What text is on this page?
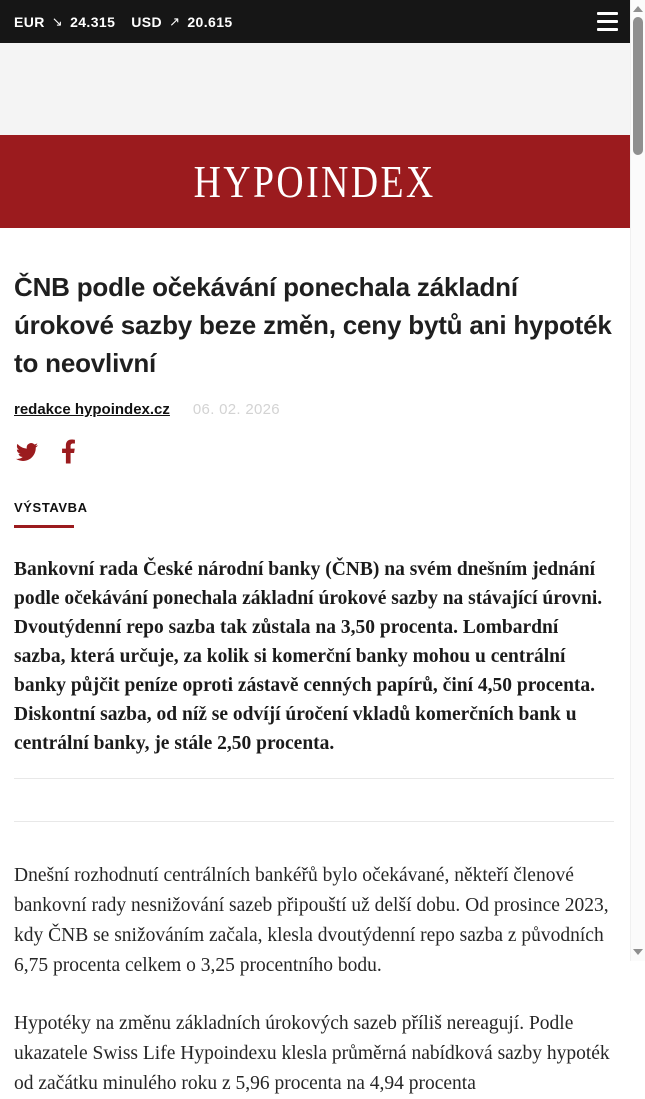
EUR ↘ 24.315 USD ↗ 20.615
HYPOINDEX
ČNB podle očekávání ponechala základní úrokové sazby beze změn, ceny bytů ani hypoték to neovlivní
redakce hypoindex.cz 06. 02. 2026
VÝSTAVBA

Bankovní rada České národní banky (ČNB) na svém dnešním jednání podle očekávání ponechala základní úrokové sazby na stávající úrovni. Dvoutýdenní repo sazba tak zůstala na 3,50 procenta. Lombardní sazba, která určuje, za kolik si komerční banky mohou u centrální banky půjčit peníze oproti zástavě cenných papírů, činí 4,50 procenta. Diskontní sazba, od níž se odvíjí úročení vkladů komerčních bank u centrální banky, je stále 2,50 procenta.

Dnešní rozhodnutí centrálních bankéřů bylo očekávané, někteří členové bankovní rady nesnižování sazeb připouští už delší dobu. Od prosince 2023, kdy ČNB se snižováním začala, klesla dvoutýdenní repo sazba z původních 6,75 procenta celkem o 3,25 procentního bodu.

Hypotéky na změnu základních úrokových sazeb příliš nereagují. Podle ukazatele Swiss Life Hypoindexu klesla průměrná nabídková sazby hypoték od začátku minulého roku z 5,96 procenta na 4,94 procenta
